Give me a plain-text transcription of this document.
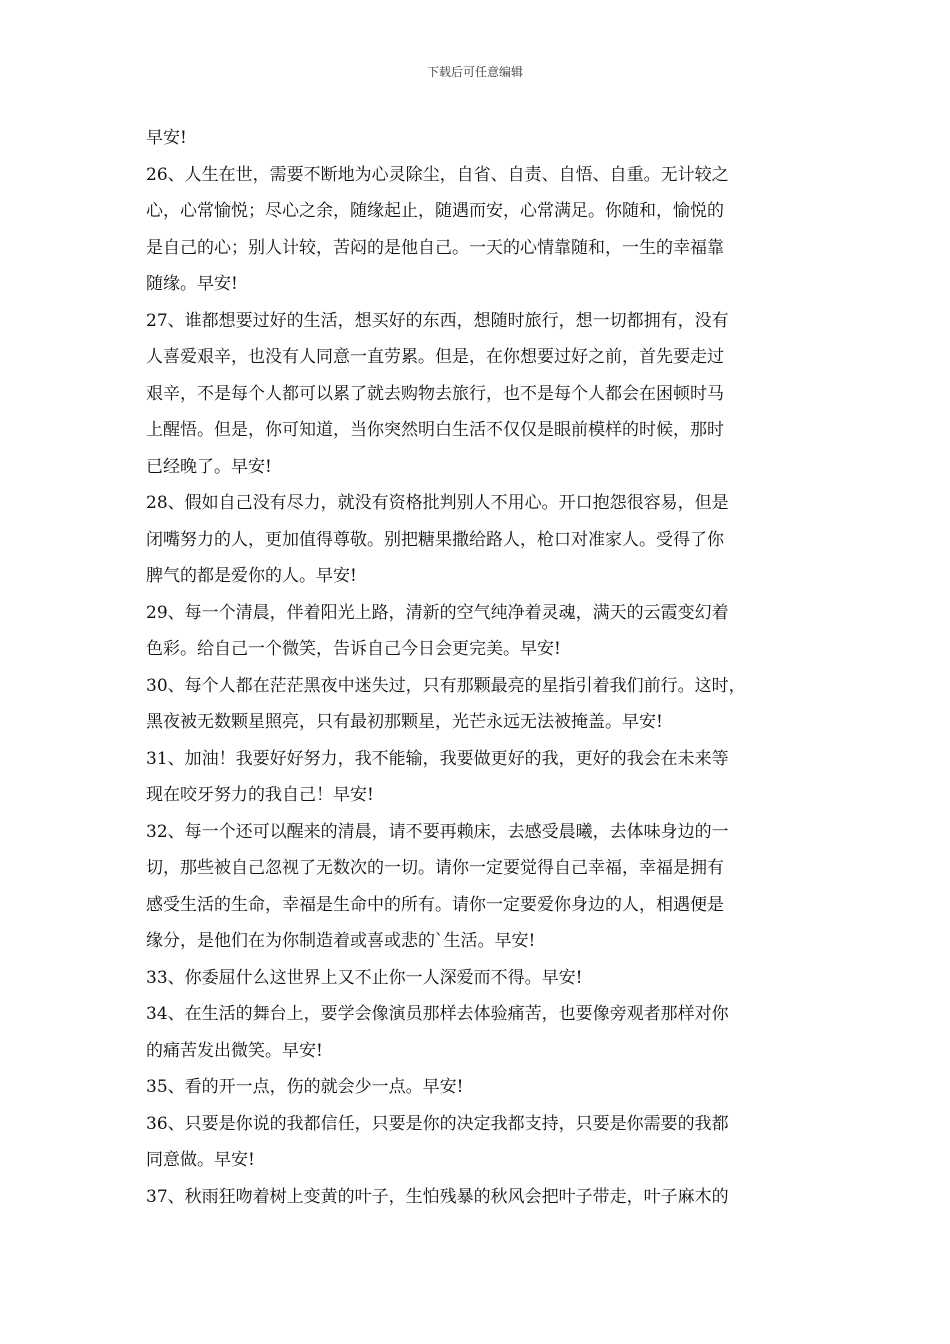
下载后可任意编辑
早安!
26、人生在世，需要不断地为心灵除尘，自省、自责、自悟、自重。无计较之
心，心常愉悦；尽心之余，随缘起止，随遇而安，心常满足。你随和，愉悦的
是自己的心；别人计较，苦闷的是他自己。一天的心情靠随和，一生的幸福靠
随缘。早安!
27、谁都想要过好的生活，想买好的东西，想随时旅行，想一切都拥有，没有
人喜爱艰辛，也没有人同意一直劳累。但是，在你想要过好之前，首先要走过
艰辛，不是每个人都可以累了就去购物去旅行，也不是每个人都会在困顿时马
上醒悟。但是，你可知道，当你突然明白生活不仅仅是眼前模样的时候，那时
已经晚了。早安!
28、假如自己没有尽力，就没有资格批判别人不用心。开口抱怨很容易，但是
闭嘴努力的人，更加值得尊敬。别把糖果撒给路人，枪口对准家人。受得了你
脾气的都是爱你的人。早安!
29、每一个清晨，伴着阳光上路，清新的空气纯净着灵魂，满天的云霞变幻着
色彩。给自己一个微笑，告诉自己今日会更完美。早安!
30、每个人都在茫茫黑夜中迷失过，只有那颗最亮的星指引着我们前行。这时，
黑夜被无数颗星照亮，只有最初那颗星，光芒永远无法被掩盖。早安!
31、加油！我要好好努力，我不能输，我要做更好的我，更好的我会在未来等
现在咬牙努力的我自己！早安!
32、每一个还可以醒来的清晨，请不要再赖床，去感受晨曦，去体味身边的一
切，那些被自己忽视了无数次的一切。请你一定要觉得自己幸福，幸福是拥有
感受生活的生命，幸福是生命中的所有。请你一定要爱你身边的人，相遇便是
缘分，是他们在为你制造着或喜或悲的`生活。早安!
33、你委屈什么这世界上又不止你一人深爱而不得。早安!
34、在生活的舞台上，要学会像演员那样去体验痛苦，也要像旁观者那样对你
的痛苦发出微笑。早安!
35、看的开一点，伤的就会少一点。早安!
36、只要是你说的我都信任，只要是你的决定我都支持，只要是你需要的我都
同意做。早安!
37、秋雨狂吻着树上变黄的叶子，生怕残暴的秋风会把叶子带走，叶子麻木的
